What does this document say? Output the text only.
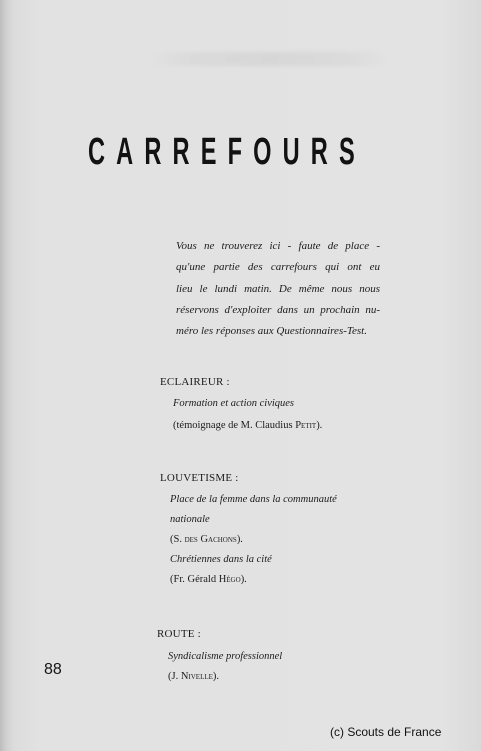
CARREFOURS
Vous ne trouverez ici - faute de place -
qu'une partie des carrefours qui ont eu
lieu le lundi matin. De même nous nous
réservons d'exploiter dans un prochain nu-
méro les réponses aux Questionnaires-Test.
ECLAIREUR :
Formation et action civiques
(témoignage de M. Claudius Petit).
LOUVETISME :
Place de la femme dans la communauté
nationale
(S. des Gachons).
Chrétiennes dans la cité
(Fr. Gérald Hégo).
ROUTE :
Syndicalisme professionnel
(J. Nivelle).
88
(c) Scouts de France
